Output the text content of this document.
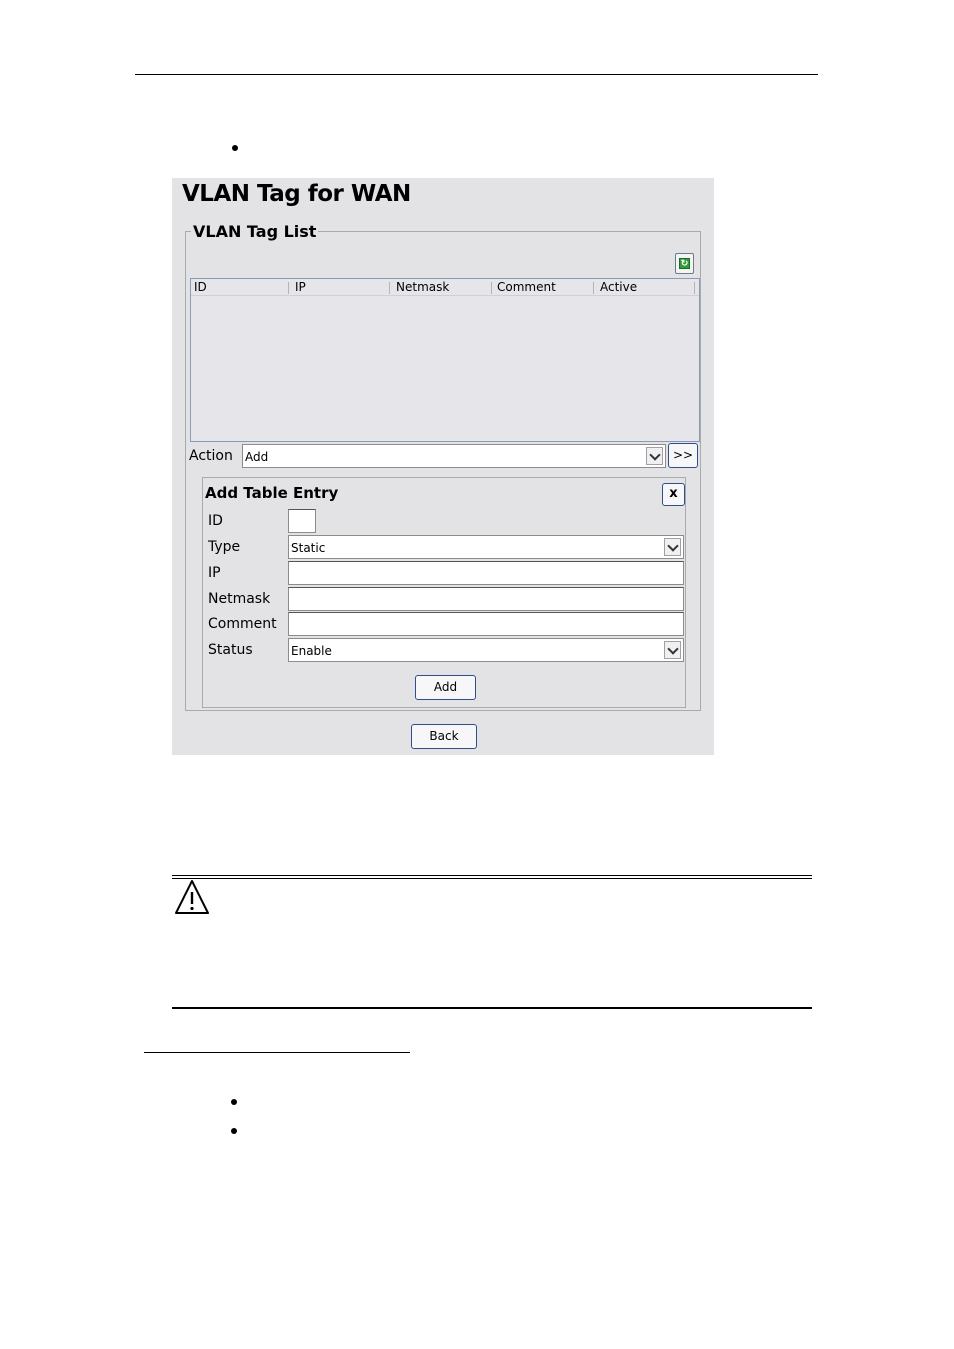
VLAN Tag for WAN
VLAN Tag List
↻
ID	IP	Netmask	Comment	Active
Action Add	>>
Add Table Entry	x
ID
Type	Static
IP
Netmask
Comment
Status	Enable
Add
Back
